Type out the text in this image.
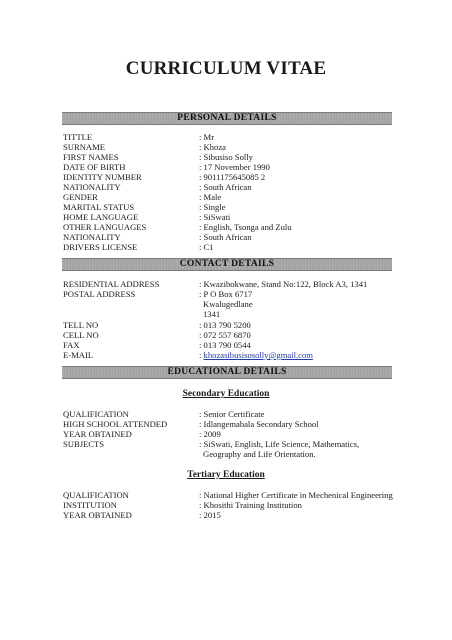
CURRICULUM VITAE
PERSONAL DETAILS
TITTLE	: Mr
SURNAME	: Khoza
FIRST NAMES	: Sibusiso Solly
DATE OF BIRTH	: 17 November 1990
IDENTITY NUMBER	: 9011175645085 2
NATIONALITY	: South African
GENDER	: Male
MARITAL STATUS	: Single
HOME LANGUAGE	: SiSwati
OTHER LANGUAGES	: English, Tsonga and Zulu
NATIONALITY	: South African
DRIVERS LICENSE	: C1
CONTACT DETAILS
RESIDENTIAL ADDRESS	: Kwazibokwane, Stand No:122, Block A3, 1341
POSTAL ADDRESS	: P O Box 6717
Kwalugedlane
1341
TELL NO	: 013 790 5200
CELL NO	: 072 557 6870
FAX	: 013 790 0544
E-MAIL	: khozasibusisosolly@gmail.com
EDUCATIONAL DETAILS
Secondary Education
QUALIFICATION	: Senior Certificate
HIGH SCHOOL ATTENDED	: Idlangemabala Secondary School
YEAR OBTAINED	: 2009
SUBJECTS	: SiSwati, English, Life Science, Mathematics,
Geography and Life Orientation.
Tertiary Education
QUALIFICATION	: National Higher Certificate in Mechenical Engineering
INSTITUTION	: Khosithi Training Institution
YEAR OBTAINED	: 2015
